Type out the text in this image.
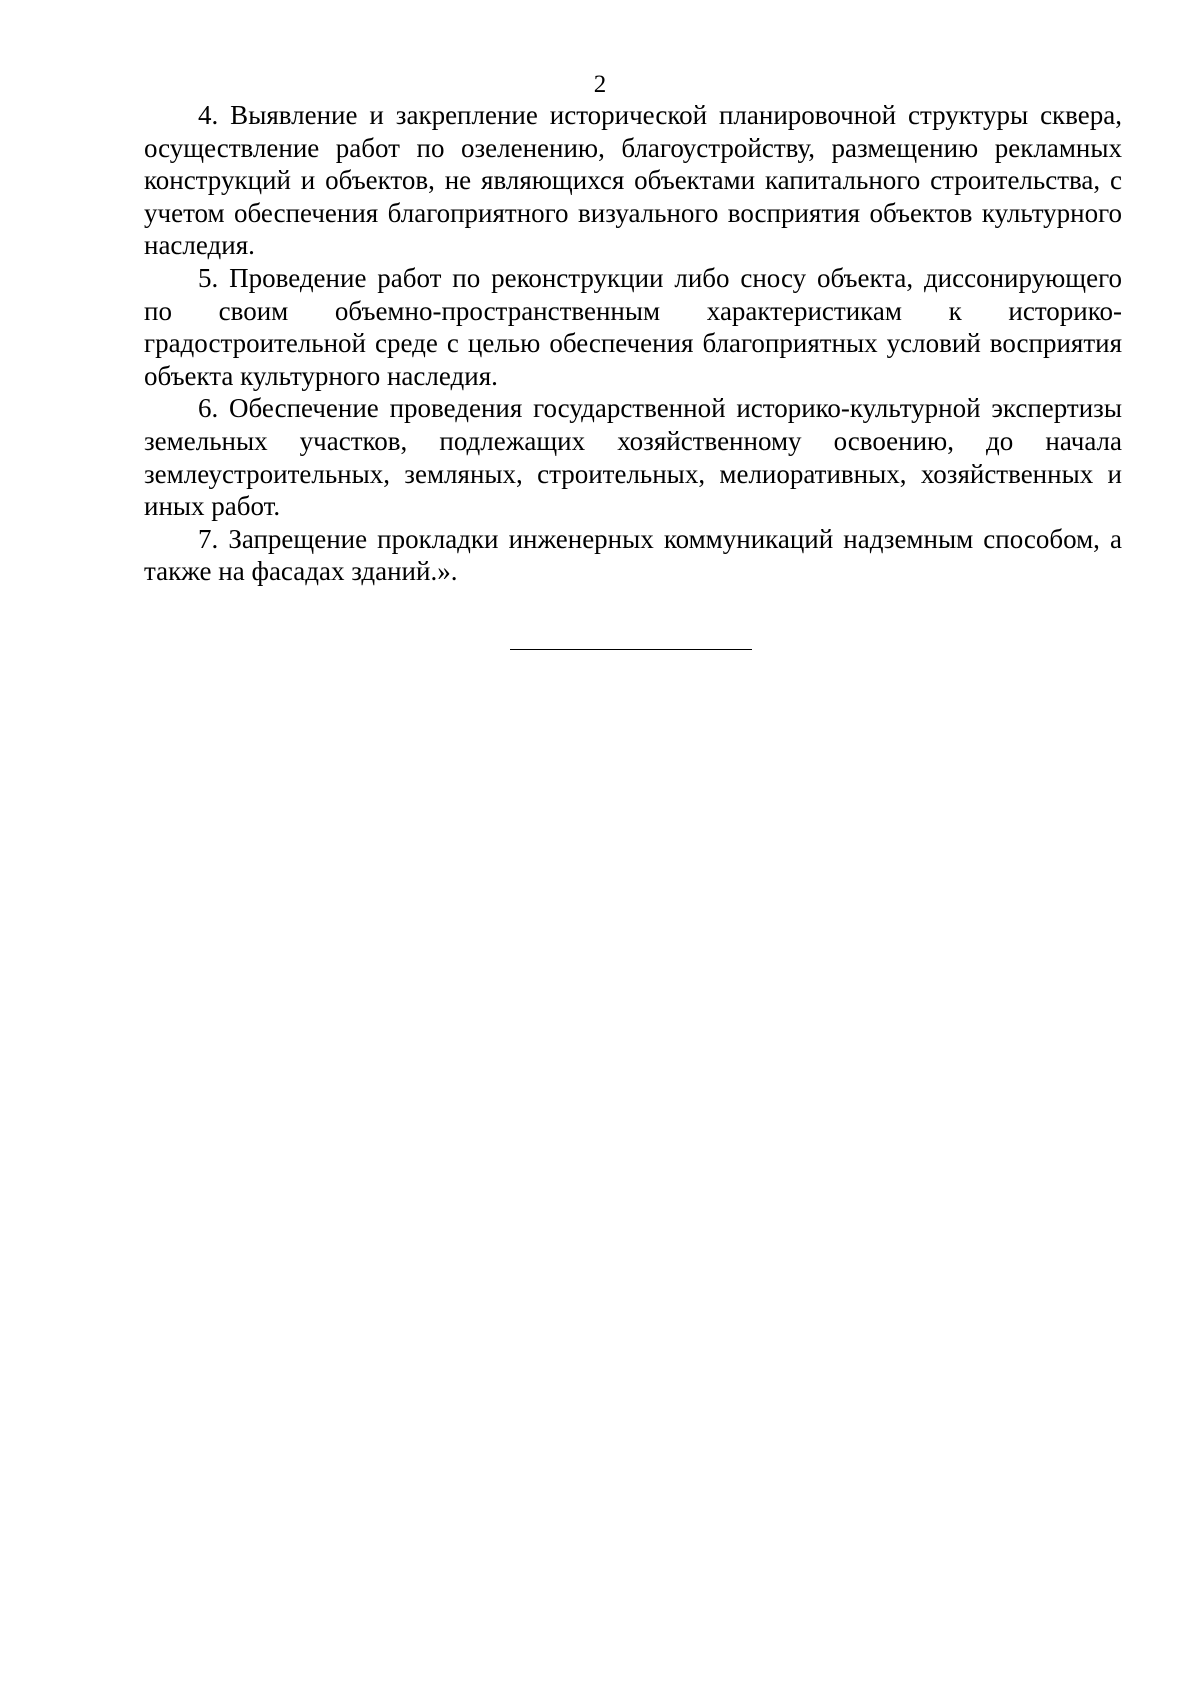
2

4. Выявление и закрепление исторической планировочной структуры сквера, осуществление работ по озеленению, благоустройству, размещению рекламных конструкций и объектов, не являющихся объектами капитального строительства, с учетом обеспечения благоприятного визуального восприятия объектов культурного наследия.

5. Проведение работ по реконструкции либо сносу объекта, диссонирующего по своим объемно-пространственным характеристикам к историко-градостроительной среде с целью обеспечения благоприятных условий восприятия объекта культурного наследия.

6. Обеспечение проведения государственной историко-культурной экспертизы земельных участков, подлежащих хозяйственному освоению, до начала землеустроительных, земляных, строительных, мелиоративных, хозяйственных и иных работ.

7. Запрещение прокладки инженерных коммуникаций надземным способом, а также на фасадах зданий.».
